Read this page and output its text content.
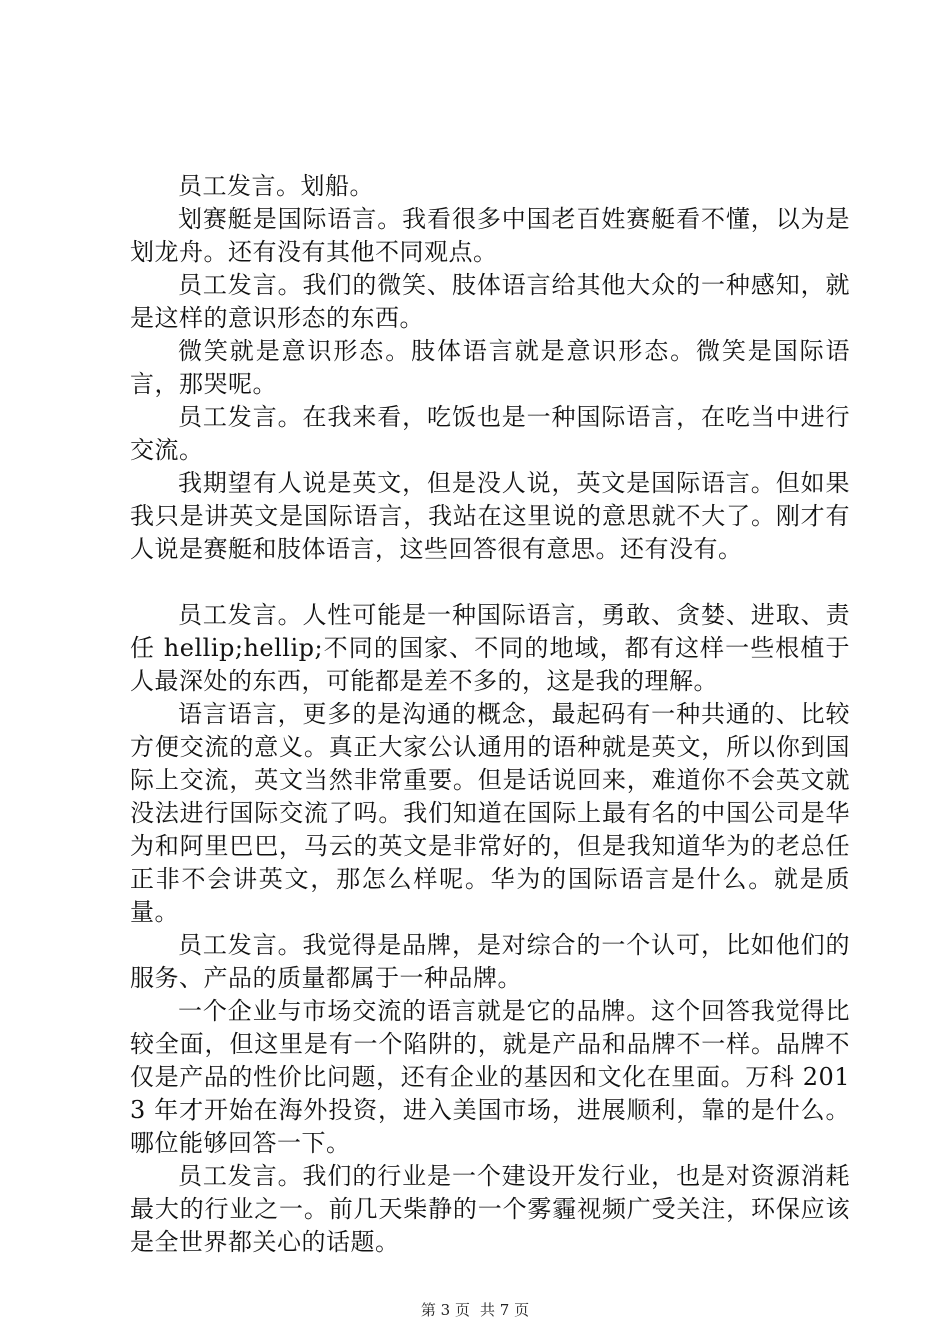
员工发言。划船。

划赛艇是国际语言。我看很多中国老百姓赛艇看不懂，以为是划龙舟。还有没有其他不同观点。

员工发言。我们的微笑、肢体语言给其他大众的一种感知，就是这样的意识形态的东西。

微笑就是意识形态。肢体语言就是意识形态。微笑是国际语言，那哭呢。

员工发言。在我来看，吃饭也是一种国际语言，在吃当中进行交流。

我期望有人说是英文，但是没人说，英文是国际语言。但如果我只是讲英文是国际语言，我站在这里说的意思就不大了。刚才有人说是赛艇和肢体语言，这些回答很有意思。还有没有。

员工发言。人性可能是一种国际语言，勇敢、贪婪、进取、责任 hellip;hellip;不同的国家、不同的地域，都有这样一些根植于人最深处的东西，可能都是差不多的，这是我的理解。

语言语言，更多的是沟通的概念，最起码有一种共通的、比较方便交流的意义。真正大家公认通用的语种就是英文，所以你到国际上交流，英文当然非常重要。但是话说回来，难道你不会英文就没法进行国际交流了吗。我们知道在国际上最有名的中国公司是华为和阿里巴巴，马云的英文是非常好的，但是我知道华为的老总任正非不会讲英文，那怎么样呢。华为的国际语言是什么。就是质量。

员工发言。我觉得是品牌，是对综合的一个认可，比如他们的服务、产品的质量都属于一种品牌。

一个企业与市场交流的语言就是它的品牌。这个回答我觉得比较全面，但这里是有一个陷阱的，就是产品和品牌不一样。品牌不仅是产品的性价比问题，还有企业的基因和文化在里面。万科 2013 年才开始在海外投资，进入美国市场，进展顺利，靠的是什么。哪位能够回答一下。

员工发言。我们的行业是一个建设开发行业，也是对资源消耗最大的行业之一。前几天柴静的一个雾霾视频广受关注，环保应该是全世界都关心的话题。

第 3 页 共 7 页
